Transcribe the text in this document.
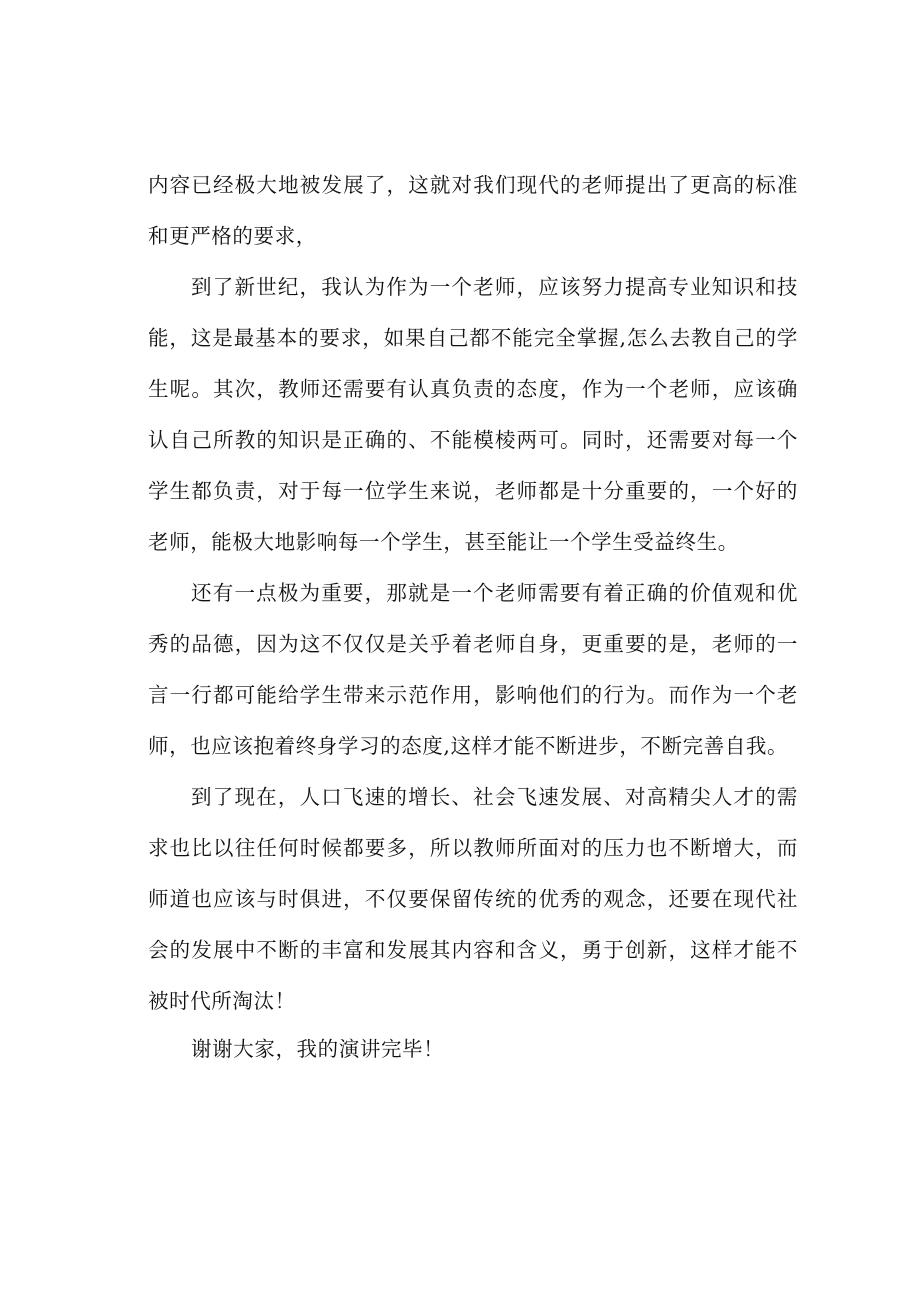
内容已经极大地被发展了，这就对我们现代的老师提出了更高的标准和更严格的要求，

到了新世纪，我认为作为一个老师，应该努力提高专业知识和技能，这是最基本的要求，如果自己都不能完全掌握,怎么去教自己的学生呢。其次，教师还需要有认真负责的态度，作为一个老师，应该确认自己所教的知识是正确的、不能模棱两可。同时，还需要对每一个学生都负责，对于每一位学生来说，老师都是十分重要的，一个好的老师，能极大地影响每一个学生，甚至能让一个学生受益终生。

还有一点极为重要，那就是一个老师需要有着正确的价值观和优秀的品德，因为这不仅仅是关乎着老师自身，更重要的是，老师的一言一行都可能给学生带来示范作用，影响他们的行为。而作为一个老师，也应该抱着终身学习的态度,这样才能不断进步，不断完善自我。

到了现在，人口飞速的增长、社会飞速发展、对高精尖人才的需求也比以往任何时候都要多，所以教师所面对的压力也不断增大，而师道也应该与时俱进，不仅要保留传统的优秀的观念，还要在现代社会的发展中不断的丰富和发展其内容和含义，勇于创新，这样才能不被时代所淘汰！

谢谢大家，我的演讲完毕！
